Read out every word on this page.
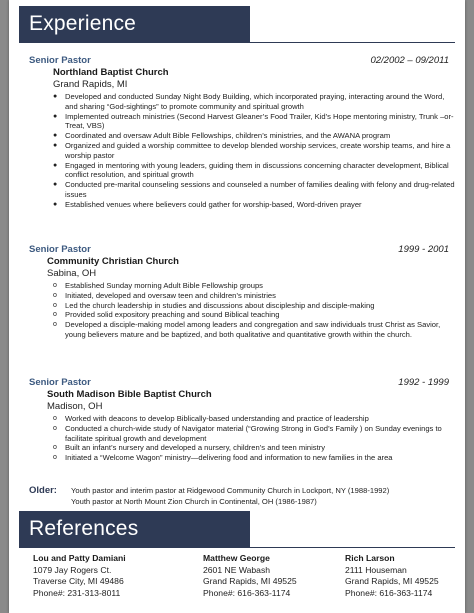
Experience
Senior Pastor	02/2002 – 09/2011
Northland Baptist Church
Grand Rapids, MI
● Developed and conducted Sunday Night Body Building, which incorporated praying, interacting around the Word, and sharing “God-sightings” to promote community and spiritual growth
● Implemented outreach ministries (Second Harvest Gleaner’s Food Trailer, Kid’s Hope mentoring ministry, Trunk –or-Treat, VBS)
● Coordinated and oversaw Adult Bible Fellowships, children’s ministries, and the AWANA program
● Organized and guided a worship committee to develop blended worship services, create worship teams, and hire a worship pastor
● Engaged in mentoring with young leaders, guiding them in discussions concerning character development, Biblical conflict resolution, and spiritual growth
● Conducted pre-marital counseling sessions and counseled a number of families dealing with felony and drug-related issues
● Established venues where believers could gather for worship-based, Word-driven prayer
Senior Pastor	1999 - 2001
Community Christian Church
Sabina, OH
o Established Sunday morning Adult Bible Fellowship groups
o Initiated, developed and oversaw teen and children’s ministries
o Led the church leadership in studies and discussions about discipleship and disciple-making
o Provided solid expository preaching and sound Biblical teaching
o Developed a disciple-making model among leaders and congregation and saw individuals trust Christ as Savior, young believers mature and be baptized, and both qualitative and quantitative growth within the church.
Senior Pastor	1992 - 1999
South Madison Bible Baptist Church
Madison, OH
o Worked with deacons to develop Biblically-based understanding and practice of leadership
o Conducted a church-wide study of Navigator material (“Growing Strong in God’s Family ) on Sunday evenings to facilitate spiritual growth and development
o Built an infant’s nursery and developed a nursery, children’s and teen ministry
o Initiated a “Welcome Wagon” ministry—delivering food and information to new families in the area
Older: Youth pastor and interim pastor at Ridgewood Community Church in Lockport, NY (1988-1992)
Youth pastor at North Mount Zion Church in Continental, OH (1986-1987)
References
Lou and Patty Damiani
1079 Jay Rogers Ct.
Traverse City, MI 49486
Phone#: 231-313-8011
Matthew George
2601 NE Wabash
Grand Rapids, MI 49525
Phone#: 616-363-1174
Rich Larson
2111 Houseman
Grand Rapids, MI 49525
Phone#: 616-363-1174
